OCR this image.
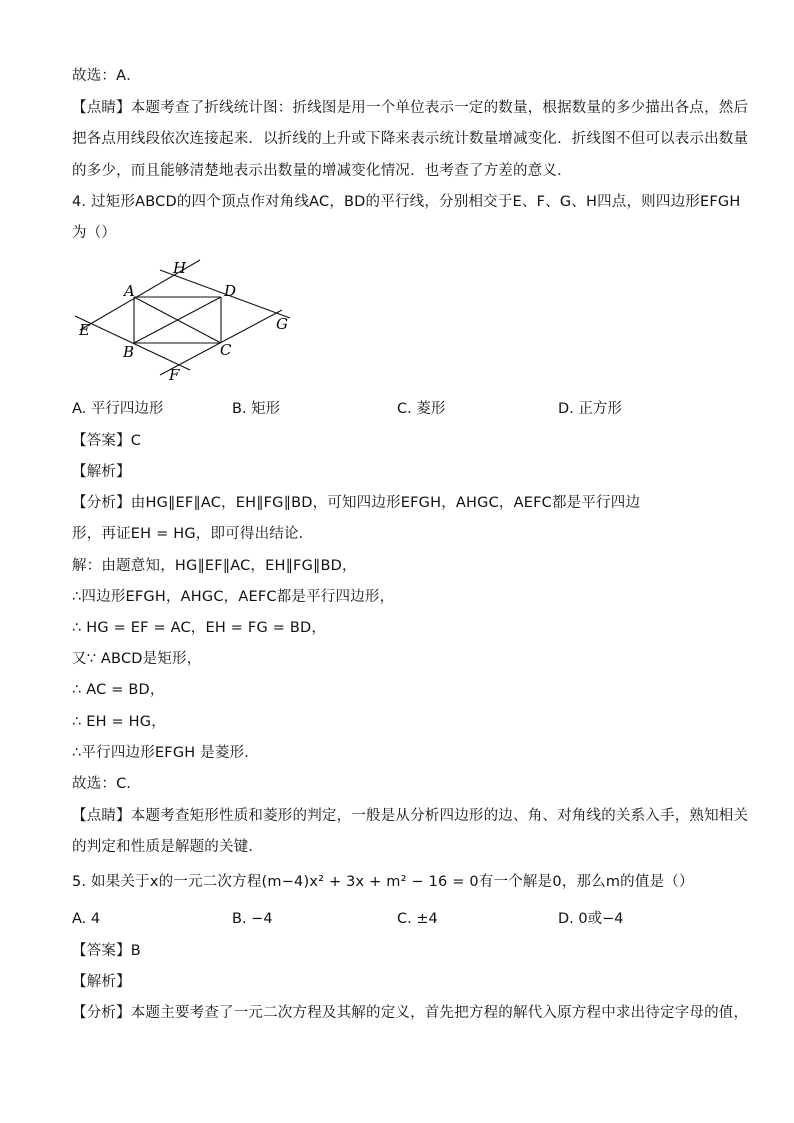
故选：A．
【点睛】本题考查了折线统计图：折线图是用一个单位表示一定的数量，根据数量的多少描出各点，然后
把各点用线段依次连接起来．以折线的上升或下降来表示统计数量增减变化．折线图不但可以表示出数量
的多少，而且能够清楚地表示出数量的增减变化情况．也考查了方差的意义．
4. 过矩形ABCD的四个顶点作对角线AC，BD的平行线，分别相交于E、F、G、H四点，则四边形EFGH
为（）
H
A	D
E	G
B	C
F
A. 平行四边形	B. 矩形	C. 菱形	D. 正方形
【答案】C
【解析】
【分析】由HG∥EF∥AC，EH∥FG∥BD，可知四边形EFGH，AHGC，AEFC都是平行四边
形，再证EH = HG，即可得出结论．
解：由题意知，HG∥EF∥AC，EH∥FG∥BD，
∴四边形EFGH，AHGC，AEFC都是平行四边形，
∴ HG = EF = AC，EH = FG = BD，
又∵ ABCD是矩形，
∴ AC = BD，
∴ EH = HG，
∴平行四边形EFGH 是菱形．
故选：C．
【点睛】本题考查矩形性质和菱形的判定，一般是从分析四边形的边、角、对角线的关系入手，熟知相关
的判定和性质是解题的关键．
5. 如果关于x的一元二次方程(m−4)x² + 3x + m² − 16 = 0有一个解是0，那么m的值是（）
A. 4	B. −4	C. ±4	D. 0或−4
【答案】B
【解析】
【分析】本题主要考查了一元二次方程及其解的定义，首先把方程的解代入原方程中求出待定字母的值，
